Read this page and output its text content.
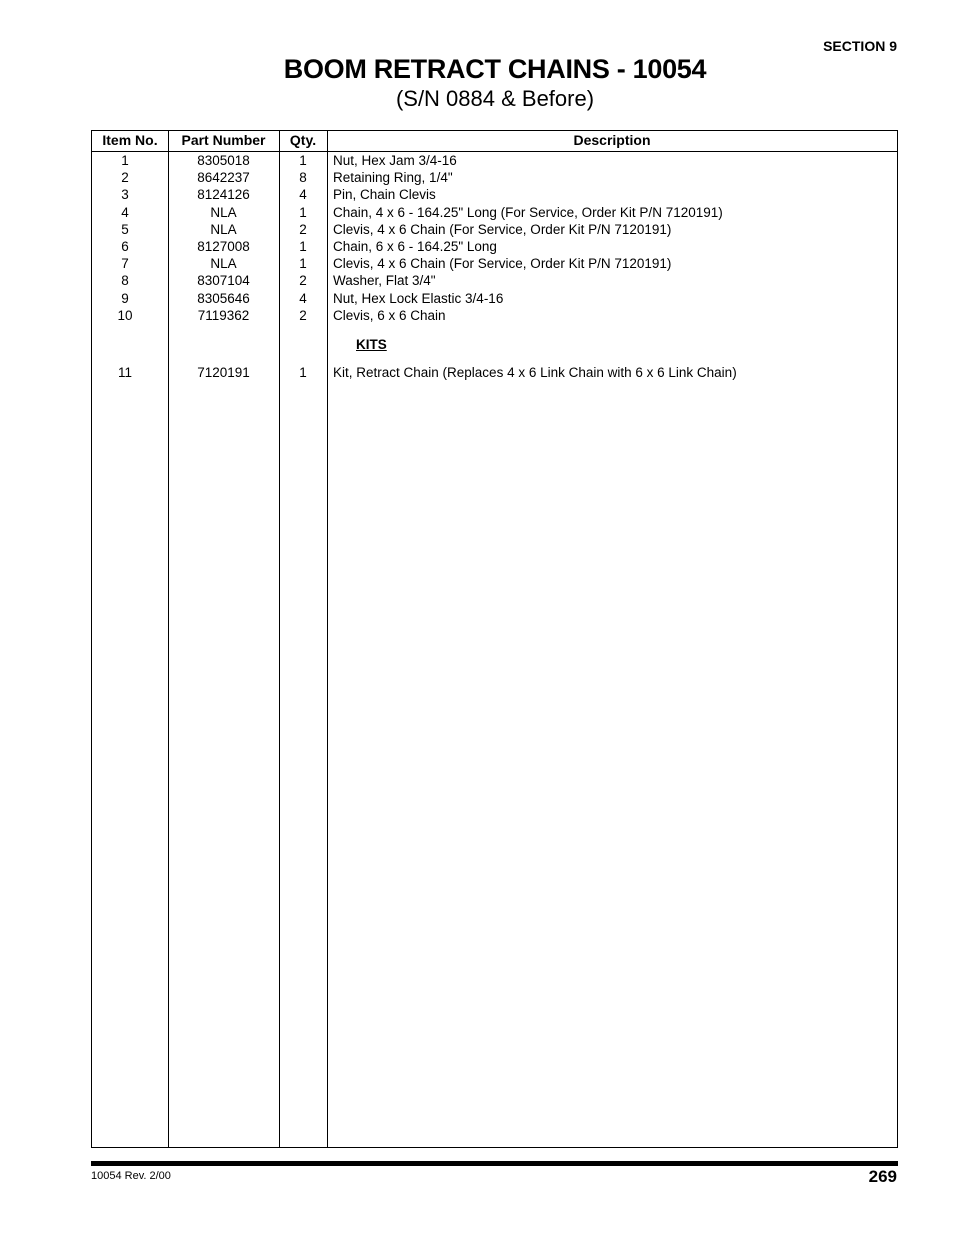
SECTION 9
BOOM RETRACT CHAINS - 10054
(S/N 0884 & Before)
Item No.	Part Number	Qty.	Description
1	8305018	1	Nut, Hex Jam 3/4-16
2	8642237	8	Retaining Ring, 1/4"
3	8124126	4	Pin, Chain Clevis
4	NLA	1	Chain, 4 x 6 - 164.25" Long (For Service, Order Kit P/N 7120191)
5	NLA	2	Clevis, 4 x 6 Chain (For Service, Order Kit P/N 7120191)
6	8127008	1	Chain, 6 x 6 - 164.25" Long
7	NLA	1	Clevis, 4 x 6 Chain (For Service, Order Kit P/N 7120191)
8	8307104	2	Washer, Flat 3/4"
9	8305646	4	Nut, Hex Lock Elastic 3/4-16
10	7119362	2	Clevis, 6 x 6 Chain
11	7120191	1	Kit, Retract Chain (Replaces 4 x 6 Link Chain with 6 x 6 Link Chain)
KITS
10054 Rev. 2/00	269
